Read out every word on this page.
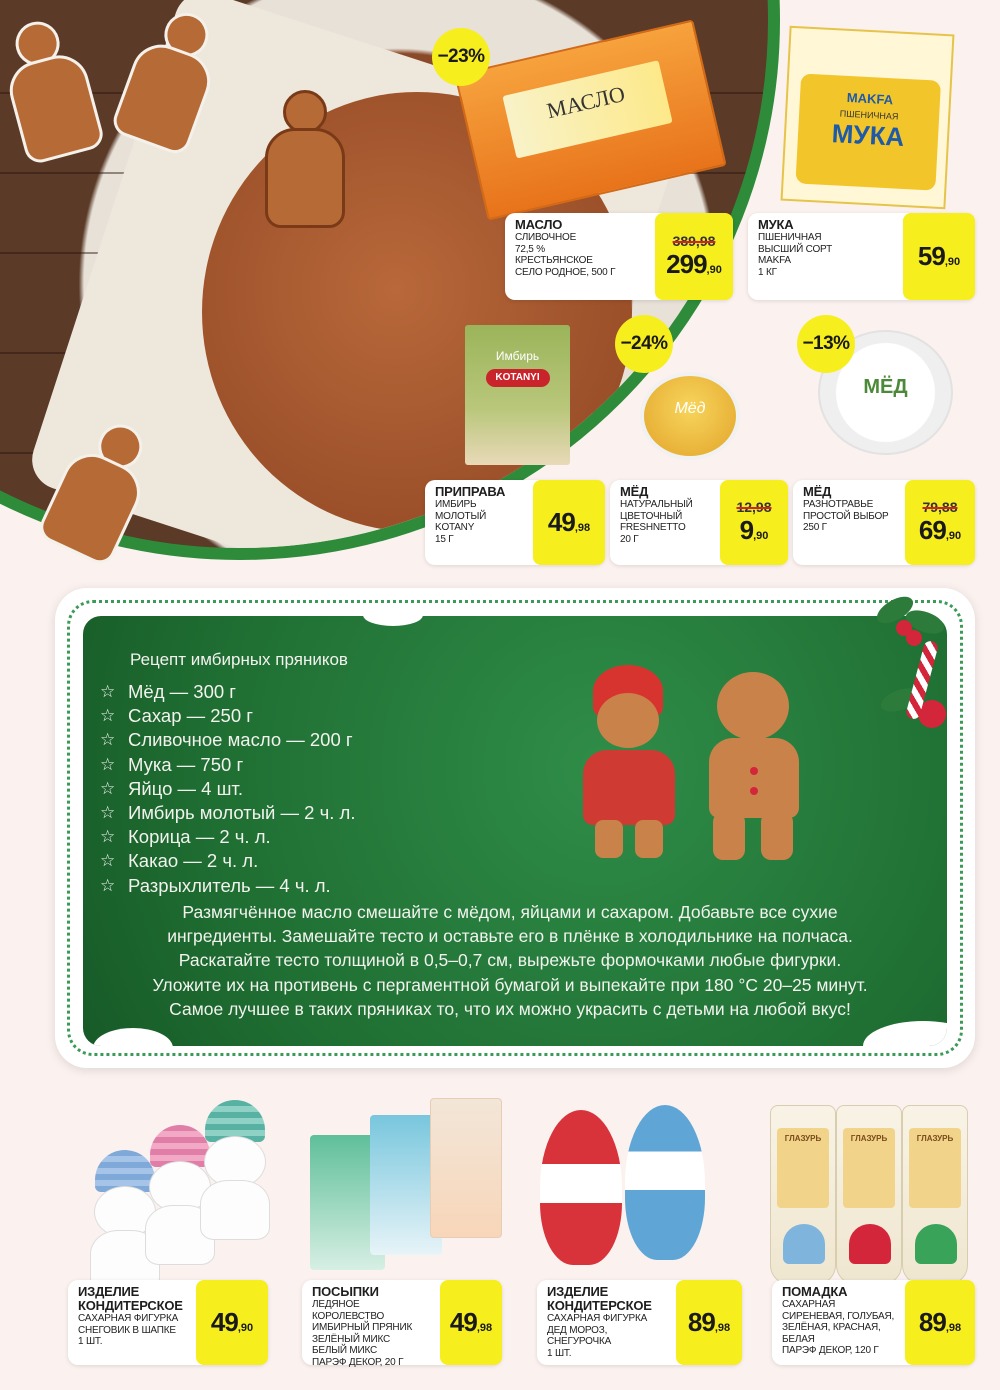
МАСЛО
−23%
MAKFA
ПШЕНИЧНАЯ
МУКА
Имбирь
KOTANYI
Мёд
−24%
МЁД
−13%
МАСЛО
СЛИВОЧНОЕ
72,5 %
КРЕСТЬЯНСКОЕ
СЕЛО РОДНОЕ, 500 Г
389,98
299,90
МУКА
ПШЕНИЧНАЯ
ВЫСШИЙ СОРТ
MAKFA
1 КГ
59,90
ПРИПРАВА
ИМБИРЬ
МОЛОТЫЙ
KOTANY
15 Г
49,98
МЁД
НАТУРАЛЬНЫЙ
ЦВЕТОЧНЫЙ
FRESHNETTO
20 Г
12,98
9,90
МЁД
РАЗНОТРАВЬЕ
ПРОСТОЙ ВЫБОР
250 Г
79,88
69,90
Рецепт имбирных пряников
☆ Мёд — 300 г
☆ Сахар — 250 г
☆ Сливочное масло — 200 г
☆ Мука — 750 г
☆ Яйцо — 4 шт.
☆ Имбирь молотый — 2 ч. л.
☆ Корица — 2 ч. л.
☆ Какао — 2 ч. л.
☆ Разрыхлитель — 4 ч. л.
Размягчённое масло смешайте с мёдом, яйцами и сахаром. Добавьте все сухие
ингредиенты. Замешайте тесто и оставьте его в плёнке в холодильнике на полчаса.
Раскатайте тесто толщиной в 0,5–0,7 см, вырежьте формочками любые фигурки.
Уложите их на противень с пергаментной бумагой и выпекайте при 180 °С 20–25 минут.
Самое лучшее в таких пряниках то, что их можно украсить с детьми на любой вкус!
ГЛАЗУРЬ	ГЛАЗУРЬ	ГЛАЗУРЬ
ИЗДЕЛИЕ
КОНДИТЕРСКОЕ
САХАРНАЯ ФИГУРКА
СНЕГОВИК В ШАПКЕ
1 ШТ.
49,90
ПОСЫПКИ
ЛЕДЯНОЕ КОРОЛЕВСТВО
ИМБИРНЫЙ ПРЯНИК
ЗЕЛЁНЫЙ МИКС
БЕЛЫЙ МИКС
ПАРЭФ ДЕКОР, 20 Г
49,98
ИЗДЕЛИЕ
КОНДИТЕРСКОЕ
САХАРНАЯ ФИГУРКА
ДЕД МОРОЗ, СНЕГУРОЧКА
1 ШТ.
89,98
ПОМАДКА
САХАРНАЯ
СИРЕНЕВАЯ, ГОЛУБАЯ,
ЗЕЛЁНАЯ, КРАСНАЯ,
БЕЛАЯ
ПАРЭФ ДЕКОР, 120 Г
89,98
